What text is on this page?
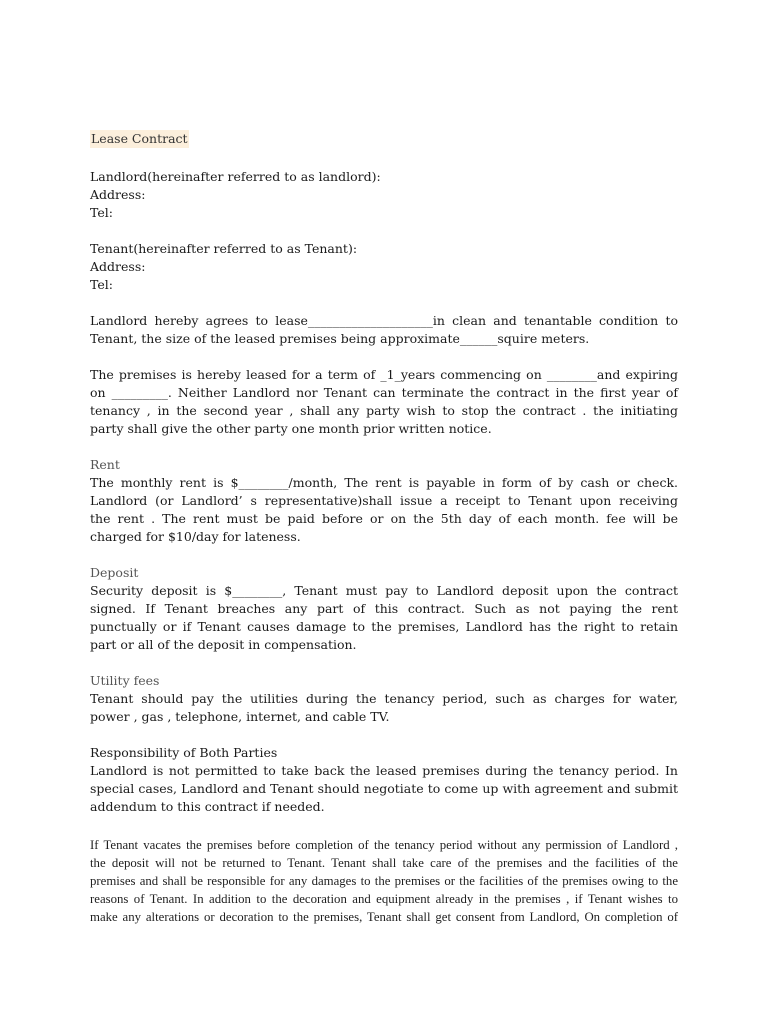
Lease Contract
Landlord(hereinafter referred to as landlord):
Address:
Tel:
Tenant(hereinafter referred to as Tenant):
Address:
Tel:
Landlord hereby agrees to lease____________________in clean and tenantable condition to
Tenant, the size of the leased premises being approximate______squire meters.
The premises is hereby leased for a term of _1_years commencing on ________and expiring
on _________. Neither Landlord nor Tenant can terminate the contract in the first year of
tenancy , in the second year , shall any party wish to stop the contract . the initiating
party shall give the other party one month prior written notice.
Rent
The monthly rent is $________/month, The rent is payable in form of by cash or check.
Landlord (or Landlord’ s representative)shall issue a receipt to Tenant upon receiving
the rent . The rent must be paid before or on the 5th day of each month. fee will be
charged for $10/day for lateness.
Deposit
Security deposit is $________, Tenant must pay to Landlord deposit upon the contract
signed. If Tenant breaches any part of this contract. Such as not paying the rent
punctually or if Tenant causes damage to the premises, Landlord has the right to retain
part or all of the deposit in compensation.
Utility fees
Tenant should pay the utilities during the tenancy period, such as charges for water,
power , gas , telephone, internet, and cable TV.
Responsibility of Both Parties
Landlord is not permitted to take back the leased premises during the tenancy period. In
special cases, Landlord and Tenant should negotiate to come up with agreement and submit
addendum to this contract if needed.
If Tenant vacates the premises before completion of the tenancy period without any permission of Landlord ,
the deposit will not be returned to Tenant. Tenant shall take care of the premises and the facilities of the
premises and shall be responsible for any damages to the premises or the facilities of the premises owing to the
reasons of Tenant. In addition to the decoration and equipment already in the premises , if Tenant wishes to
make any alterations or decoration to the premises, Tenant shall get consent from Landlord, On completion of
